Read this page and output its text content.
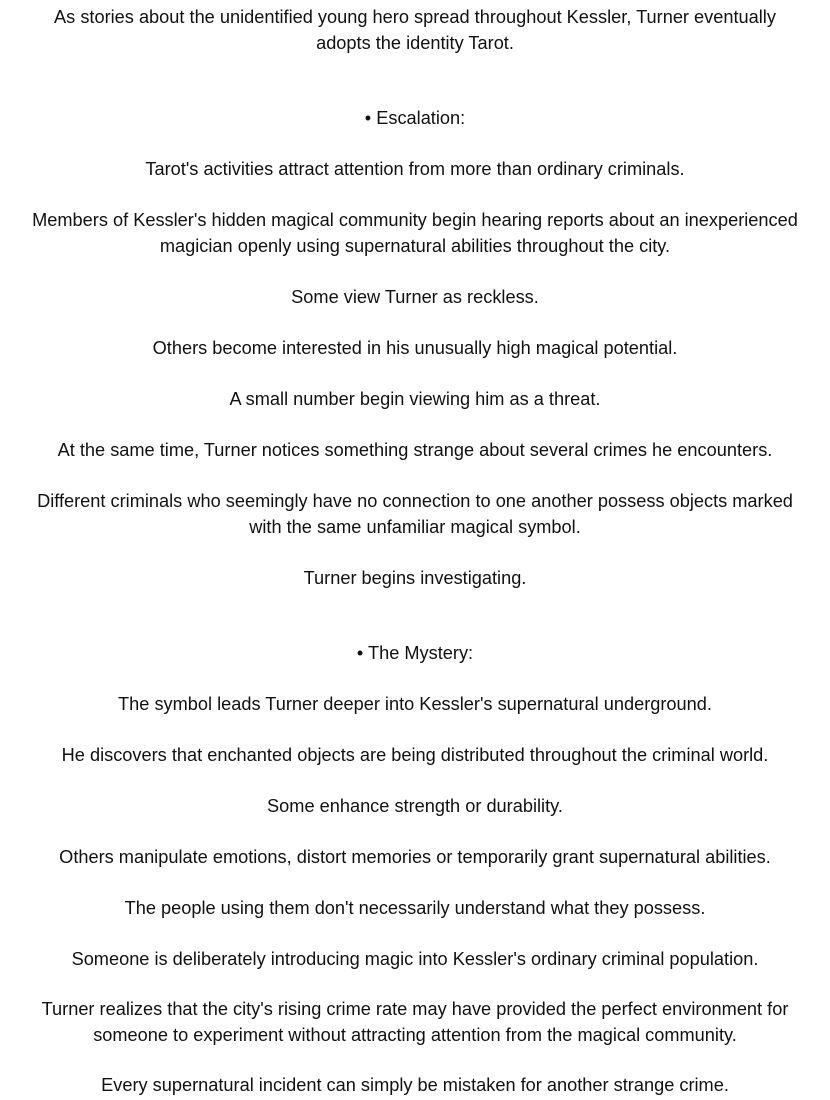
As stories about the unidentified young hero spread throughout Kessler, Turner eventually

adopts the identity Tarot.

• Escalation:

Tarot's activities attract attention from more than ordinary criminals.

Members of Kessler's hidden magical community begin hearing reports about an inexperienced

magician openly using supernatural abilities throughout the city.

Some view Turner as reckless.

Others become interested in his unusually high magical potential.

A small number begin viewing him as a threat.

At the same time, Turner notices something strange about several crimes he encounters.

Different criminals who seemingly have no connection to one another possess objects marked

with the same unfamiliar magical symbol.

Turner begins investigating.

• The Mystery:

The symbol leads Turner deeper into Kessler's supernatural underground.

He discovers that enchanted objects are being distributed throughout the criminal world.

Some enhance strength or durability.

Others manipulate emotions, distort memories or temporarily grant supernatural abilities.

The people using them don't necessarily understand what they possess.

Someone is deliberately introducing magic into Kessler's ordinary criminal population.

Turner realizes that the city's rising crime rate may have provided the perfect environment for

someone to experiment without attracting attention from the magical community.

Every supernatural incident can simply be mistaken for another strange crime.
